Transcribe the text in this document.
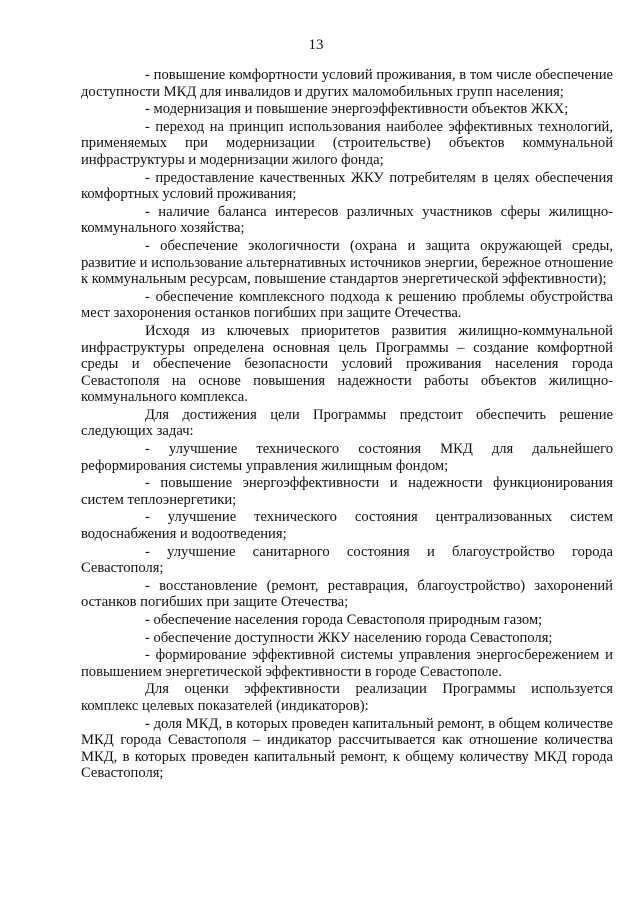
13

- повышение комфортности условий проживания, в том числе обеспечение доступности МКД для инвалидов и других маломобильных групп населения;

- модернизация и повышение энергоэффективности объектов ЖКХ;

- переход на принцип использования наиболее эффективных технологий, применяемых при модернизации (строительстве) объектов коммунальной инфраструктуры и модернизации жилого фонда;

- предоставление качественных ЖКУ потребителям в целях обеспечения комфортных условий проживания;

- наличие баланса интересов различных участников сферы жилищно-коммунального хозяйства;

- обеспечение экологичности (охрана и защита окружающей среды, развитие и использование альтернативных источников энергии, бережное отношение к коммунальным ресурсам, повышение стандартов энергетической эффективности);

- обеспечение комплексного подхода к решению проблемы обустройства мест захоронения останков погибших при защите Отечества.

Исходя из ключевых приоритетов развития жилищно-коммунальной инфраструктуры определена основная цель Программы – создание комфортной среды и обеспечение безопасности условий проживания населения города Севастополя на основе повышения надежности работы объектов жилищно-коммунального комплекса.

Для достижения цели Программы предстоит обеспечить решение следующих задач:

- улучшение технического состояния МКД для дальнейшего реформирования системы управления жилищным фондом;

- повышение энергоэффективности и надежности функционирования систем теплоэнергетики;

- улучшение технического состояния централизованных систем водоснабжения и водоотведения;

- улучшение санитарного состояния и благоустройство города Севастополя;

- восстановление (ремонт, реставрация, благоустройство) захоронений останков погибших при защите Отечества;

- обеспечение населения города Севастополя природным газом;

- обеспечение доступности ЖКУ населению города Севастополя;

- формирование эффективной системы управления энергосбережением и повышением энергетической эффективности в городе Севастополе.

Для оценки эффективности реализации Программы используется комплекс целевых показателей (индикаторов):

- доля МКД, в которых проведен капитальный ремонт, в общем количестве МКД города Севастополя – индикатор рассчитывается как отношение количества МКД, в которых проведен капитальный ремонт, к общему количеству МКД города Севастополя;
